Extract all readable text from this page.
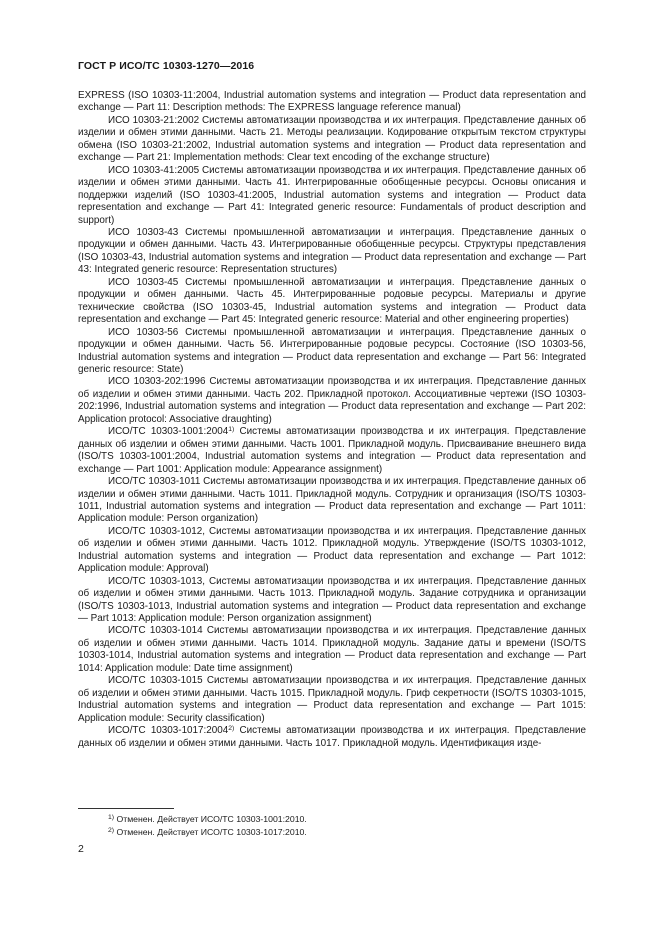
ГОСТ Р ИСО/ТС 10303-1270—2016

EXPRESS (ISO 10303-11:2004, Industrial automation systems and integration — Product data representation and exchange — Part 11: Description methods: The EXPRESS language reference manual)

ИСО 10303-21:2002 Системы автоматизации производства и их интеграция. Представление данных об изделии и обмен этими данными. Часть 21. Методы реализации. Кодирование открытым текстом структуры обмена (ISO 10303-21:2002, Industrial automation systems and integration — Product data representation and exchange — Part 21: Implementation methods: Clear text encoding of the exchange structure)

ИСО 10303-41:2005 Системы автоматизации производства и их интеграция. Представление данных об изделии и обмен этими данными. Часть 41. Интегрированные обобщенные ресурсы. Основы описания и поддержки изделий (ISO 10303-41:2005, Industrial automation systems and integration — Product data representation and exchange — Part 41: Integrated generic resource: Fundamentals of product description and support)

ИСО 10303-43 Системы промышленной автоматизации и интеграция. Представление данных о продукции и обмен данными. Часть 43. Интегрированные обобщенные ресурсы. Структуры представления (ISO 10303-43, Industrial automation systems and integration — Product data representation and exchange — Part 43: Integrated generic resource: Representation structures)

ИСО 10303-45 Системы промышленной автоматизации и интеграция. Представление данных о продукции и обмен данными. Часть 45. Интегрированные родовые ресурсы. Материалы и другие технические свойства (ISO 10303-45, Industrial automation systems and integration — Product data representation and exchange — Part 45: Integrated generic resource: Material and other engineering properties)

ИСО 10303-56 Системы промышленной автоматизации и интеграция. Представление данных о продукции и обмен данными. Часть 56. Интегрированные родовые ресурсы. Состояние (ISO 10303-56, Industrial automation systems and integration — Product data representation and exchange — Part 56: Integrated generic resource: State)

ИСО 10303-202:1996 Системы автоматизации производства и их интеграция. Представление данных об изделии и обмен этими данными. Часть 202. Прикладной протокол. Ассоциативные чертежи (ISO 10303-202:1996, Industrial automation systems and integration — Product data representation and exchange — Part 202: Application protocol: Associative draughting)

ИСО/ТС 10303-1001:2004$^{1)}$ Системы автоматизации производства и их интеграция. Представление данных об изделии и обмен этими данными. Часть 1001. Прикладной модуль. Присваивание внешнего вида (ISO/TS 10303-1001:2004, Industrial automation systems and integration — Product data representation and exchange — Part 1001: Application module: Appearance assignment)

ИСО/ТС 10303-1011 Системы автоматизации производства и их интеграция. Представление данных об изделии и обмен этими данными. Часть 1011. Прикладной модуль. Сотрудник и организация (ISO/TS 10303-1011, Industrial automation systems and integration — Product data representation and exchange — Part 1011: Application module: Person organization)

ИСО/ТС 10303-1012, Системы автоматизации производства и их интеграция. Представление данных об изделии и обмен этими данными. Часть 1012. Прикладной модуль. Утверждение (ISO/TS 10303-1012, Industrial automation systems and integration — Product data representation and exchange — Part 1012: Application module: Approval)

ИСО/ТС 10303-1013, Системы автоматизации производства и их интеграция. Представление данных об изделии и обмен этими данными. Часть 1013. Прикладной модуль. Задание сотрудника и организации (ISO/TS 10303-1013, Industrial automation systems and integration — Product data representation and exchange — Part 1013: Application module: Person organization assignment)

ИСО/ТС 10303-1014 Системы автоматизации производства и их интеграция. Представление данных об изделии и обмен этими данными. Часть 1014. Прикладной модуль. Задание даты и времени (ISO/TS 10303-1014, Industrial automation systems and integration — Product data representation and exchange — Part 1014: Application module: Date time assignment)

ИСО/ТС 10303-1015 Системы автоматизации производства и их интеграция. Представление данных об изделии и обмен этими данными. Часть 1015. Прикладной модуль. Гриф секретности (ISO/TS 10303-1015, Industrial automation systems and integration — Product data representation and exchange — Part 1015: Application module: Security classification)

ИСО/ТС 10303-1017:2004$^{2)}$ Системы автоматизации производства и их интеграция. Представление данных об изделии и обмен этими данными. Часть 1017. Прикладной модуль. Идентификация изде-

$^{1)}$ Отменен. Действует ИСО/ТС 10303-1001:2010.
$^{2)}$ Отменен. Действует ИСО/ТС 10303-1017:2010.
2
